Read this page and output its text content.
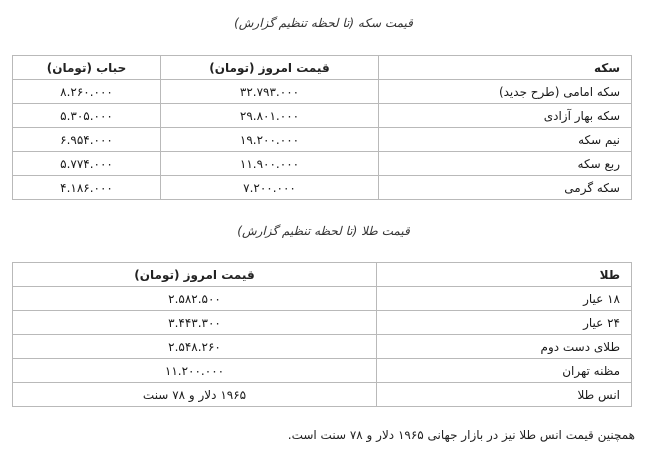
قیمت سکه (تا لحظه تنظیم گزارش)
سکه	قیمت امروز (تومان)	حباب (تومان)
سکه امامی (طرح جدید)	۳۲.۷۹۳.۰۰۰	۸.۲۶۰.۰۰۰
سکه بهار آزادی	۲۹.۸۰۱.۰۰۰	۵.۳۰۵.۰۰۰
نیم سکه	۱۹.۲۰۰.۰۰۰	۶.۹۵۴.۰۰۰
ربع سکه	۱۱.۹۰۰.۰۰۰	۵.۷۷۴.۰۰۰
سکه گرمی	۷.۲۰۰.۰۰۰	۴.۱۸۶.۰۰۰
قیمت طلا (تا لحظه تنظیم گزارش)
طلا	قیمت امروز (تومان)
۱۸ عیار	۲.۵۸۲.۵۰۰
۲۴ عیار	۳.۴۴۳.۳۰۰
طلای دست دوم	۲.۵۴۸.۲۶۰
مظنه تهران	۱۱.۲۰۰.۰۰۰
انس طلا	۱۹۶۵ دلار و ۷۸ سنت
همچنین قیمت انس طلا نیز در بازار جهانی ۱۹۶۵ دلار و ۷۸ سنت است.
